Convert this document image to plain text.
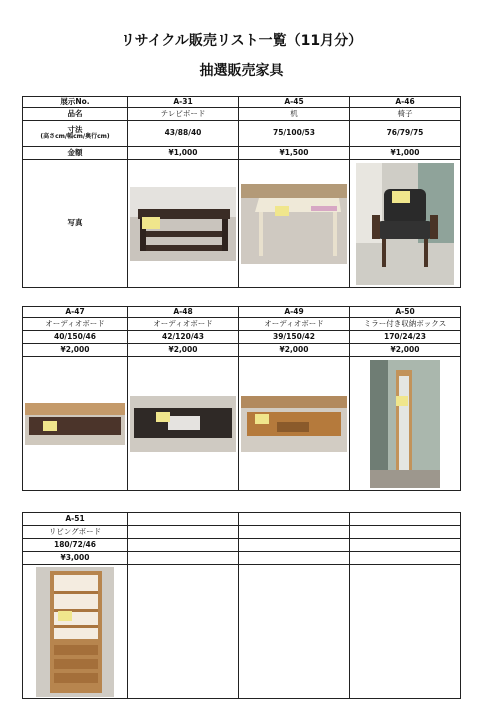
リサイクル販売リスト一覧（11月分）
抽選販売家具
展示No.	A-31	A-45	A-46
品名	テレビボード	机	椅子
寸法
(高さcm/幅cm/奥行cm)	43/88/40	75/100/53	76/79/75
金額	¥1,000	¥1,500	¥1,000
写真	

A-47	A-48	A-49	A-50
オーディオボード	オーディオボード	オーディオボード	ミラー付き収納ボックス
40/150/46	42/120/43	39/150/42	170/24/23
¥2,000	¥2,000	¥2,000	¥2,000

A-51			
リビングボード			
180/72/46			
¥3,000			
